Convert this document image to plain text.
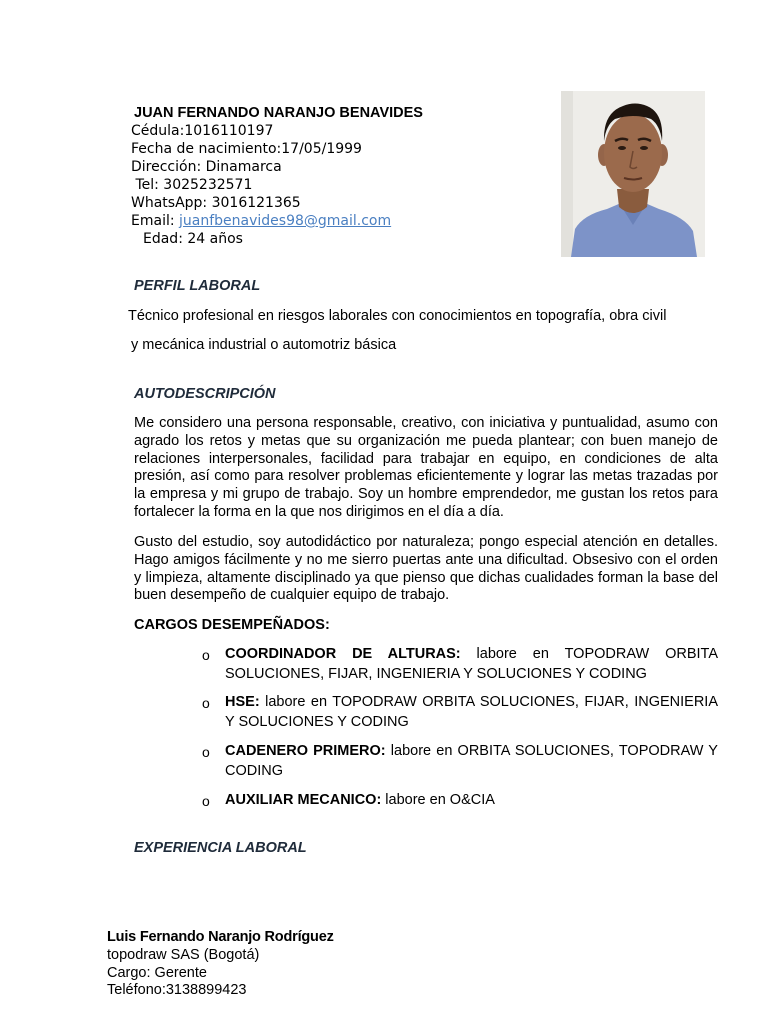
JUAN FERNANDO NARANJO BENAVIDES
Cédula:1016110197
Fecha de nacimiento:17/05/1999
Dirección: Dinamarca
Tel: 3025232571
WhatsApp: 3016121365
Email: juanfbenavides98@gmail.com
Edad: 24 años
PERFIL LABORAL
Técnico profesional en riesgos laborales con conocimientos en topografía, obra civil
y mecánica industrial o automotriz básica
AUTODESCRIPCIÓN
Me considero una persona responsable, creativo, con iniciativa y puntualidad, asumo con agrado los retos y metas que su organización me pueda plantear; con buen manejo de relaciones interpersonales, facilidad para trabajar en equipo, en condiciones de alta presión, así como para resolver problemas eficientemente y lograr las metas trazadas por la empresa y mi grupo de trabajo. Soy un hombre emprendedor, me gustan los retos para fortalecer la forma en la que nos dirigimos en el día a día.
Gusto del estudio, soy autodidáctico por naturaleza; pongo especial atención en detalles. Hago amigos fácilmente y no me sierro puertas ante una dificultad. Obsesivo con el orden y limpieza, altamente disciplinado ya que pienso que dichas cualidades forman la base del buen desempeño de cualquier equipo de trabajo.
CARGOS DESEMPEÑADOS:
o COORDINADOR DE ALTURAS: labore en TOPODRAW ORBITA SOLUCIONES, FIJAR, INGENIERIA Y SOLUCIONES Y CODING
o HSE: labore en TOPODRAW ORBITA SOLUCIONES, FIJAR, INGENIERIA Y SOLUCIONES Y CODING
o CADENERO PRIMERO: labore en ORBITA SOLUCIONES, TOPODRAW Y CODING
o AUXILIAR MECANICO: labore en O&CIA
EXPERIENCIA LABORAL
Luis Fernando Naranjo Rodríguez
topodraw SAS (Bogotá)
Cargo: Gerente
Teléfono:3138899423
